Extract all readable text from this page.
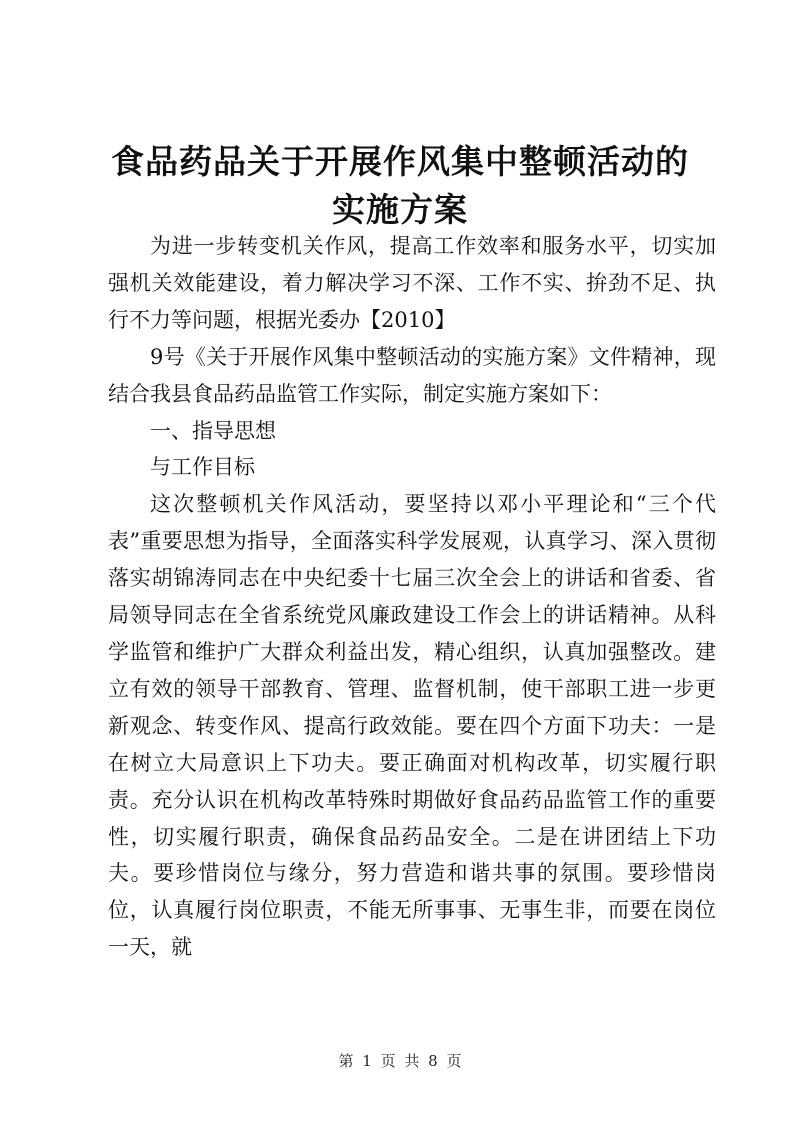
食品药品关于开展作风集中整顿活动的实施方案

为进一步转变机关作风，提高工作效率和服务水平，切实加强机关效能建设，着力解决学习不深、工作不实、拚劲不足、执行不力等问题，根据光委办【2010】

9号《关于开展作风集中整顿活动的实施方案》文件精神，现结合我县食品药品监管工作实际，制定实施方案如下：

一、指导思想

与工作目标

这次整顿机关作风活动，要坚持以邓小平理论和“三个代表”重要思想为指导，全面落实科学发展观，认真学习、深入贯彻落实胡锦涛同志在中央纪委十七届三次全会上的讲话和省委、省局领导同志在全省系统党风廉政建设工作会上的讲话精神。从科学监管和维护广大群众利益出发，精心组织，认真加强整改。建立有效的领导干部教育、管理、监督机制，使干部职工进一步更新观念、转变作风、提高行政效能。要在四个方面下功夫：一是在树立大局意识上下功夫。要正确面对机构改革，切实履行职责。充分认识在机构改革特殊时期做好食品药品监管工作的重要性，切实履行职责，确保食品药品安全。二是在讲团结上下功夫。要珍惜岗位与缘分，努力营造和谐共事的氛围。要珍惜岗位，认真履行岗位职责，不能无所事事、无事生非，而要在岗位一天，就

第 1 页 共 8 页
